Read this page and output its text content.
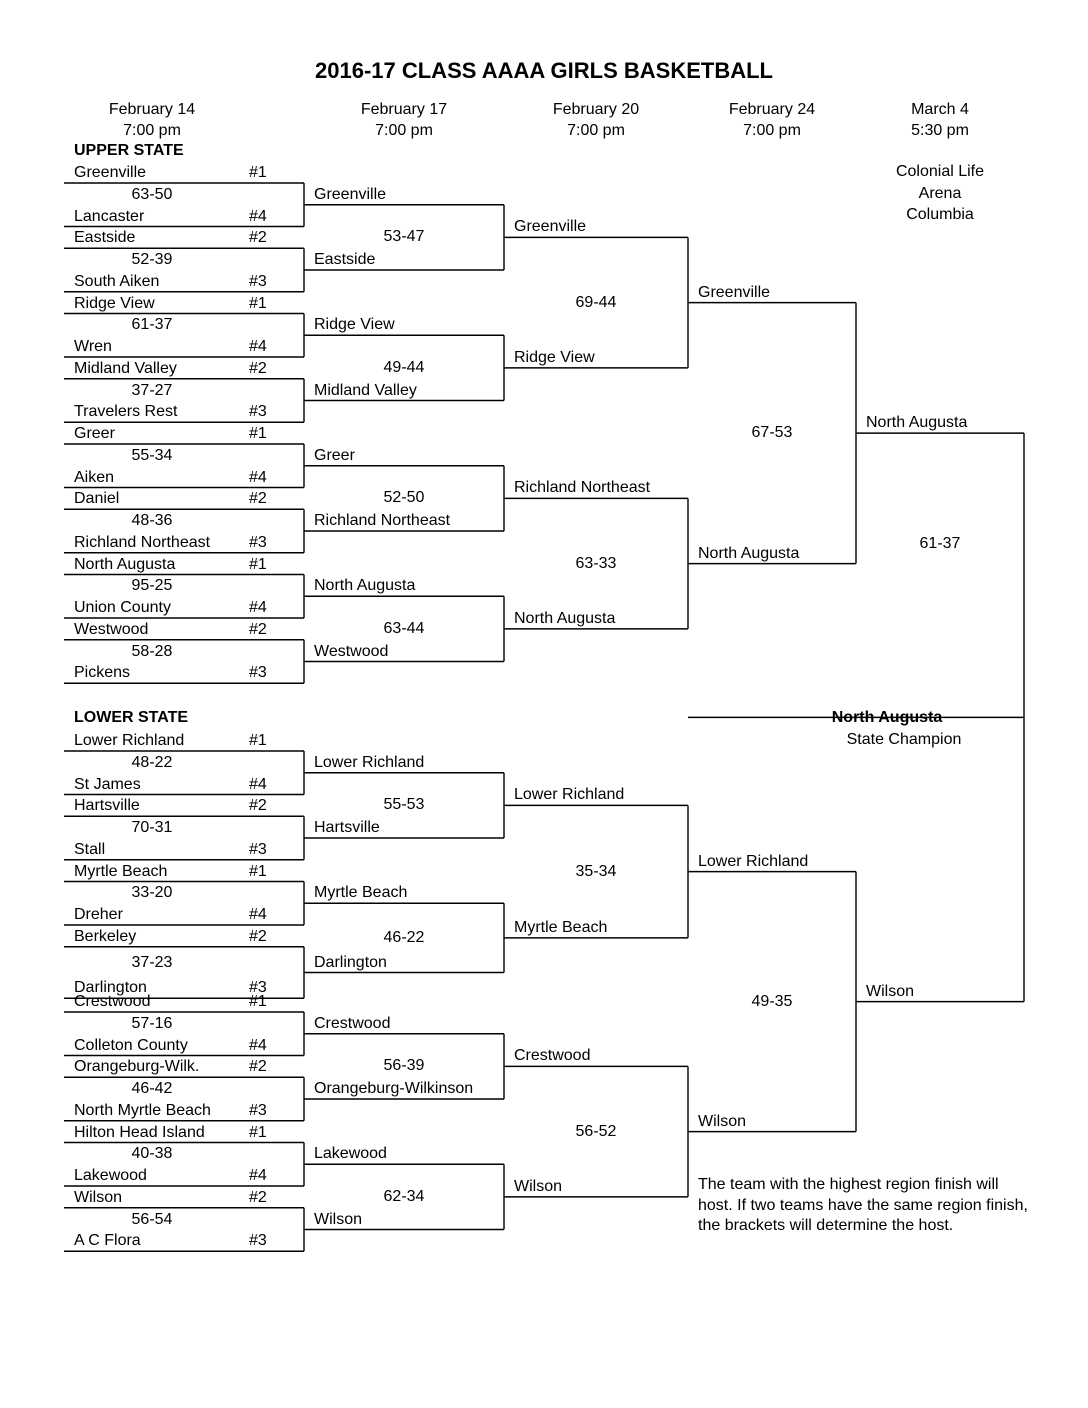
2016-17 CLASS AAAA GIRLS BASKETBALL
February 14
7:00 pm
February 17
7:00 pm
February 20
7:00 pm
February 24
7:00 pm
March 4
5:30 pm
Colonial Life
Arena
Columbia
Greenville	#1
63-50
Lancaster	#4
Eastside	#2
52-39
South Aiken	#3
Ridge View	#1
61-37
Wren	#4
Midland Valley	#2
37-27
Travelers Rest	#3
Greer	#1
55-34
Aiken	#4
Daniel	#2
48-36
Richland Northeast #3
North Augusta	#1
95-25
Union County	#4
Westwood	#2
58-28
Pickens	#3
Greenville
Eastside
53-47
Ridge View
Midland Valley
49-44
Greer
Richland Northeast
52-50
North Augusta
Westwood
63-44
Greenville
Ridge View
69-44
Richland Northeast
North Augusta
63-33
Greenville
North Augusta
67-53
North Augusta
Lower Richland	#1
48-22
St James	#4
Hartsville	#2
70-31
Stall	#3
Myrtle Beach	#1
33-20
Dreher	#4
Berkeley	#2
37-23
Darlington	#3
Crestwood	#1
57-16
Colleton County	#4
Orangeburg-Wilk.	#2
46-42
North Myrtle Beach #3
Hilton Head Island	#1
40-38
Lakewood	#4
Wilson	#2
56-54
A C Flora	#3
Lower Richland
Hartsville
55-53
Myrtle Beach
Darlington
46-22
Crestwood
Orangeburg-Wilkinson
56-39
Lakewood
Wilson
62-34
Lower Richland
Myrtle Beach
35-34
Crestwood
Wilson
56-52
Lower Richland
Wilson
49-35
Wilson
UPPER STATE
LOWER STATE	North Augusta
State Champion
61-37
The team with the highest region finish will host. If two teams have the same region finish, the brackets will determine the host.
